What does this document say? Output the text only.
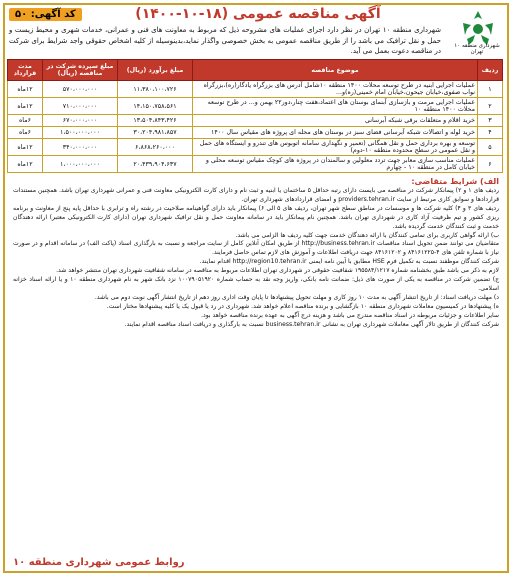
کد آگهی: ۵۰	آگهی مناقصه عمومی (۱۸-۱۰-۱۴۰۰)
شهرداری منطقه ۱۰ تهران در نظر دارد اجرای عملیات های مشروحه ذیل که مربوط به معاونت های فنی و عمرانی، خدمات شهری و محیط زیست و حمل و نقل ترافیک می باشد را از طریق مناقصه عمومی به بخش خصوصی واگذار نماید،بدینوسیله از کلیه اشخاص حقوقی واجد شرایط برای شرکت در مناقصه دعوت بعمل می آید.
شهرداری منطقه ۱۰ تهران
ردیف	موضوع مناقصه	مبلغ برآورد (ریال)	مبلغ سپرده شرکت در مناقصه (ریال)	مدت قرارداد
۱	عملیات اجرایی ابنیه در طرح توسعه محلات ۱۴۰۰ منطقه ۱۰شامل آدرس های بزرگراه یادگار(ره)،بزرگراه نواب صفوی،خیابان جیحون،خیابان امام خمینی(ره)و...	۱۱،۳۸۰،۱۰۰،۷۲۶	۵۷۰،۰۰۰،۰۰۰	۱۲ماه
۲	عملیات اجرایی مرمت و بازسازی آبنمای بوستان های اعتماد،هفت چنار،دور۲۲ بهمن و... در طرح توسعه محلات ۱۴۰۰ منطقه ۱۰	۱۴،۱۵۰،۷۵۸،۵۶۱	۷۱۰،۰۰۰،۰۰۰	۱۲ماه
۳	خرید اقلام و متعلقات برقی شبکه آبرسانی	۱۳،۵۰۴،۸۴۳،۴۲۶	۶۷۰،۰۰۰،۰۰۰	۶ماه
۴	خرید لوله و اتصالات شبکه آبرسانی فضای سبز در بوستان های محله ای پروژه های مقیاس سال ۱۴۰۰	۳۰،۲۰۴،۹۸۱،۸۵۷	۱،۵۰۰،۰۰۰،۰۰۰	۶ماه
۵	توسعه و بهره برداری حمل و نقل همگانی (تعمیر و نگهداری سامانه اتوبوس های تندرو و ایستگاه های حمل و نقل عمومی در سطح محدوده منطقه ۱۰-دوم)	۶،۸۶۸،۲۶۰،۰۰۰	۳۴۰،۰۰۰،۰۰۰	۱۲ماه
۶	عملیات مناسب سازی معابر جهت تردد معلولین و سالمندان در پروژه های کوچک مقیاس توسعه محلی و خیابان کامل در منطقه ۱۰ - چهارم	۲۰،۴۳۹،۹۰۴،۶۳۷	۱،۰۰۰،۰۰۰،۰۰۰	۱۲ماه
الف) شرایط متقاضی:

ردیف های ۱ و ۲) پیمانکار شرکت در مناقصه می بایست دارای رتبه حداقل ۵ ساختمان یا ابنیه و ثبت نام و دارای کارت الکترونیکی معاونت فنی و عمرانی شهرداری تهران باشد. همچنین مستندات قراردادها و سوابق کاری مرتبط از سایت providers.tehran.ir و امضای قراردادهای شهرداری تهران.

ردیف های ۳ و ۴) کلیه شرکت ها و موسسات در مناطق سطح شهر تهران، ردیف های ۵ الی ۶) پیمانکار باید دارای گواهینامه صلاحیت در رشته راه و ترابری با حداقل پایه پنج از معاونت و برنامه ریزی کشور و تیم ظرفیت آزاد کاری در شهرداری تهران باشد. همچنین نام پیمانکار باید در سامانه معاونت حمل و نقل ترافیک شهرداری تهران (دارای کارت الکترونیکی معتبر) ارائه دهندگان خدمت و ثبت کنندگان خدمت گردیده باشد.

ب) ارائه گواهی کاربری برای تمامی کنندگان با ارائه دهندگان خدمت جهت کلیه ردیف ها الزامی می باشد.

متقاضیان می توانند ضمن تحویل اسناد مناقصات http://business.tehran.ir از طریق امکان آنلاین کامل از سایت مراجعه و نسبت به بارگذاری اسناد (پاکت الف) در سامانه اقدام و در صورت نیاز با شماره تلفن های ۴-۸۴۱۶۱۲۲۵ و ۸۴۱۶۱۲۰۲ جهت دریافت اطلاعات و آموزش های لازم تماس حاصل فرمایند.

شرکت کنندگان موظفند نسبت به تکمیل فرم HSE مطابق با آیین نامه ایمنی http://region10.tehran.ir اقدام نمایند.

لازم به ذکر می باشد طبق بخشنامه شماره ۱۹۵۵۸۴/۱۲۱۷ شفافیت حقوقی در شهرداری تهران اطلاعات مربوط به مناقصه در سامانه شفافیت شهرداری تهران منتشر خواهد شد.

ج) تضمین شرکت در مناقصه به یکی از صورت های ذیل: ضمانت نامه بانکی، واریز وجه نقد به حساب شماره ۱۰۰۷۹۰۵۱۹۲۰ نزد بانک شهر به نام شهرداری منطقه ۱۰ و یا ارائه اسناد خزانه اسلامی.

د) مهلت دریافت اسناد: از تاریخ انتشار آگهی به مدت ۱۰ روز کاری و مهلت تحویل پیشنهادها تا پایان وقت اداری روز دهم از تاریخ انتشار آگهی نوبت دوم می باشد.

ه) پیشنهادها در کمیسیون معاملات شهرداری منطقه ۱۰ بازگشایی و برنده مناقصه اعلام خواهد شد. شهرداری در رد یا قبول یک یا کلیه پیشنهادها مختار است.

سایر اطلاعات و جزئیات مربوطه در اسناد مناقصه مندرج می باشد و هزینه درج آگهی به عهده برنده مناقصه خواهد بود.

شرکت کنندگان از طریق تالار آگهی معاملات شهرداری تهران به نشانی business.tehran.ir نسبت به بارگذاری و دریافت اسناد مناقصه اقدام نمایند.

روابط عمومی شهرداری منطقه ۱۰
